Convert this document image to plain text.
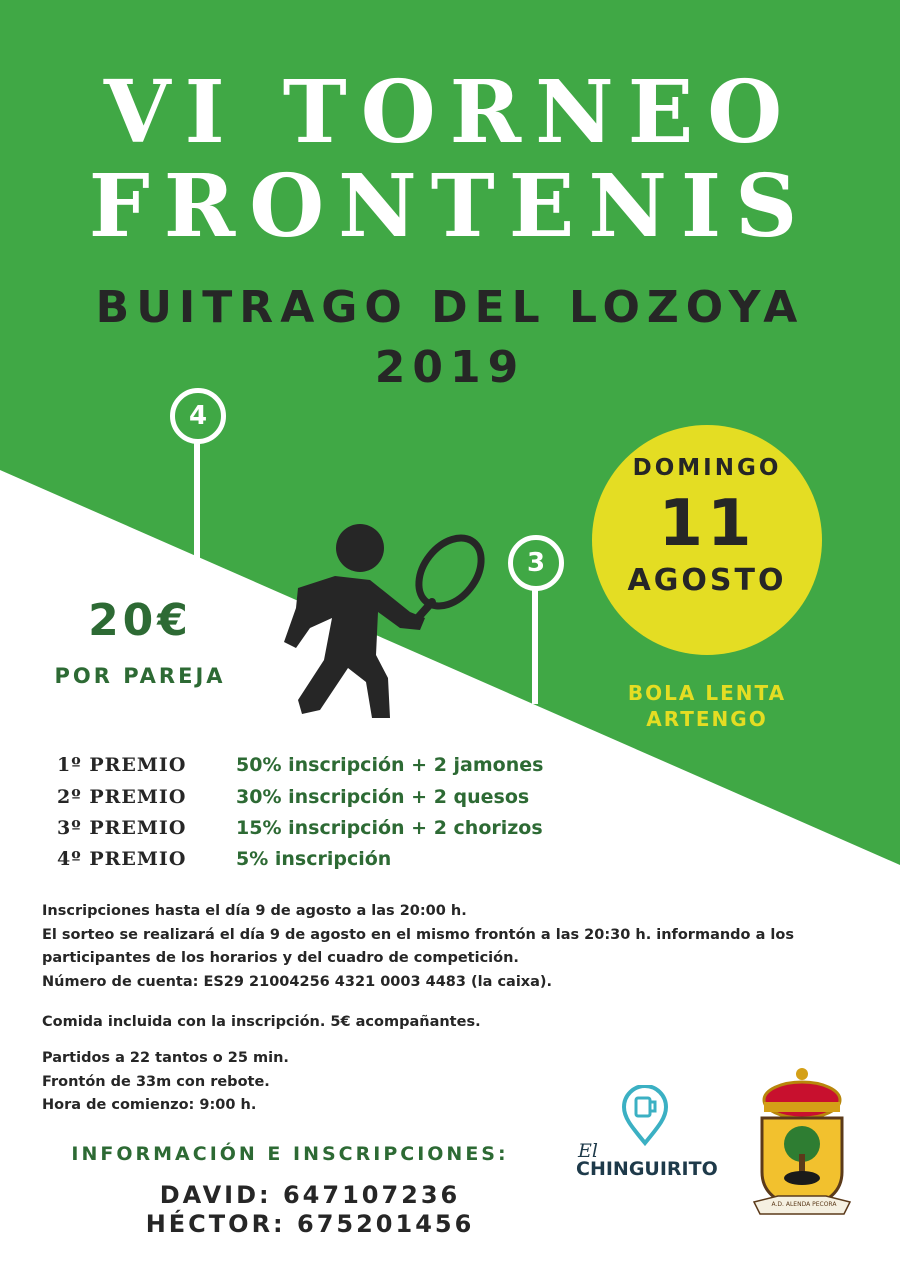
VI TORNEO
FRONTENIS
BUITRAGO DEL LOZOYA
2019
4
3
DOMINGO
11
AGOSTO
BOLA LENTA
ARTENGO
20€
POR PAREJA
1º PREMIO	50% inscripción + 2 jamones
2º PREMIO	30% inscripción + 2 quesos
3º PREMIO	15% inscripción + 2 chorizos
4º PREMIO	5% inscripción
Inscripciones hasta el día 9 de agosto a las 20:00 h.
El sorteo se realizará el día 9 de agosto en el mismo frontón a las 20:30 h. informando a los
participantes de los horarios y del cuadro de competición.
Número de cuenta: ES29 21004256 4321 0003 4483 (la caixa).
Comida incluida con la inscripción. 5€ acompañantes.
Partidos a 22 tantos o 25 min.
Frontón de 33m con rebote.
Hora de comienzo: 9:00 h.
INFORMACIÓN E INSCRIPCIONES:
DAVID: 647107236
HÉCTOR: 675201456
El
CHINGUIRITO
A.D. ALENDA PECORA
